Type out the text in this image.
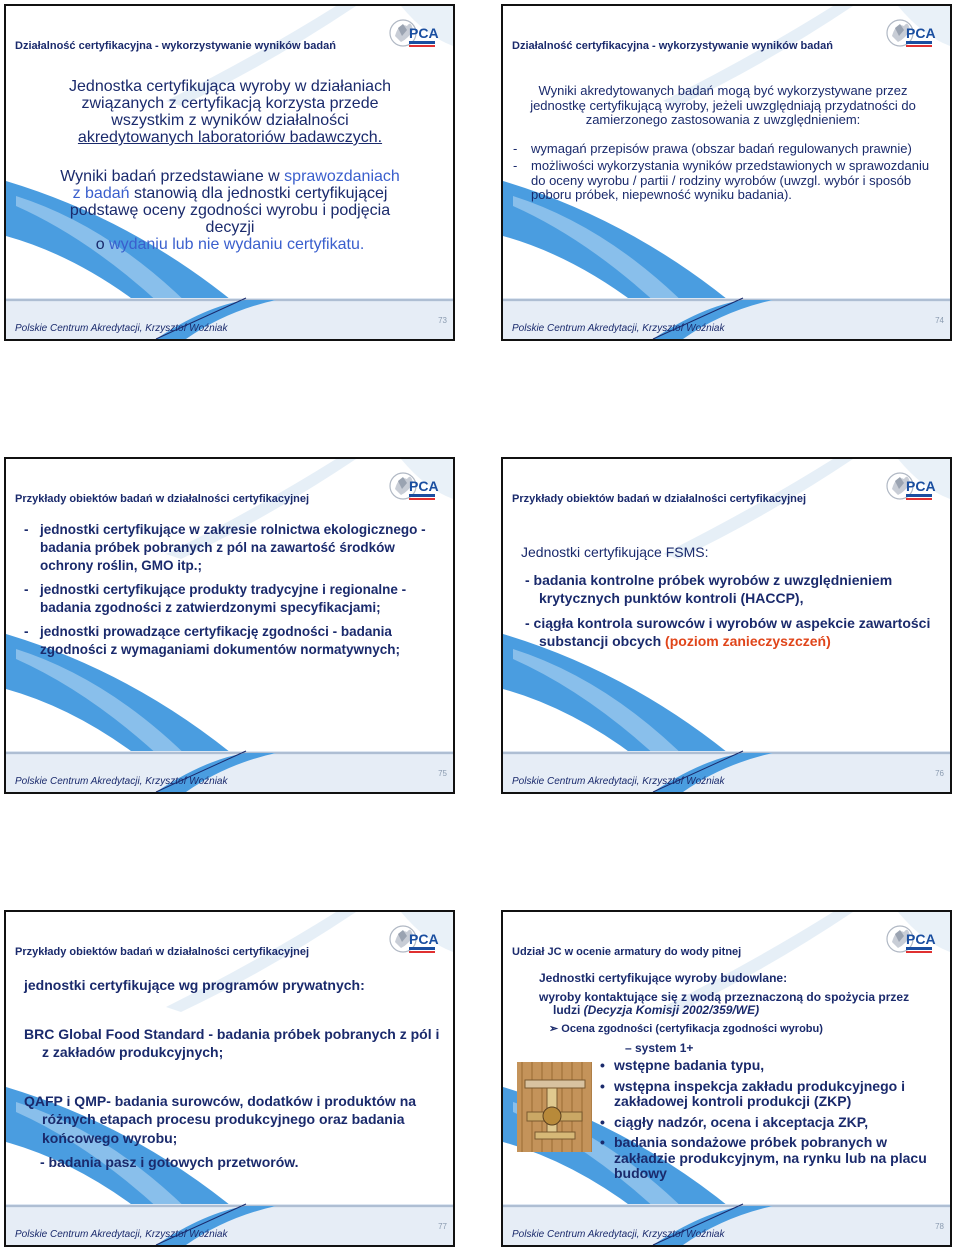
Działalność certyfikacyjna - wykorzystywanie wyników badań

Jednostka certyfikująca wyroby w działaniach

związanych z certyfikacją korzysta przede

wszystkim z wyników działalności

akredytowanych laboratoriów badawczych.

Wyniki badań przedstawiane w sprawozdaniach

z badań stanowią dla jednostki certyfikującej

podstawę oceny zgodności wyrobu i podjęcia

decyzji

o wydaniu lub nie wydaniu certyfikatu.

Polskie Centrum Akredytacji, Krzysztof Woźniak
73
Działalność certyfikacyjna - wykorzystywanie wyników badań

Wyniki akredytowanych badań mogą być wykorzystywane przez jednostkę certyfikującą wyroby, jeżeli uwzględniają przydatności do zamierzonego zastosowania z uwzględnieniem:

- wymagań przepisów prawa (obszar badań regulowanych prawnie)
- możliwości wykorzystania wyników przedstawionych w sprawozdaniu do oceny wyrobu / partii / rodziny wyrobów (uwzgl. wybór i sposób poboru próbek, niepewność wyniku badania).
Polskie Centrum Akredytacji, Krzysztof Woźniak
74
Przykłady obiektów badań w działalności certyfikacyjnej
- jednostki certyfikujące w zakresie rolnictwa ekologicznego - badania próbek pobranych z pól na zawartość środków ochrony roślin, GMO itp.;
- jednostki certyfikujące produkty tradycyjne i regionalne - badania zgodności z zatwierdzonymi specyfikacjami;
- jednostki prowadzące certyfikację zgodności - badania zgodności z wymaganiami dokumentów normatywnych;
Polskie Centrum Akredytacji, Krzysztof Woźniak
75
Przykłady obiektów badań w działalności certyfikacyjnej

Jednostki certyfikujące FSMS:

- badania kontrolne próbek wyrobów z uwzględnieniem krytycznych punktów kontroli (HACCP),

- ciągła kontrola surowców i wyrobów w aspekcie zawartości substancji obcych (poziom zanieczyszczeń)

Polskie Centrum Akredytacji, Krzysztof Woźniak
76
Przykłady obiektów badań w działalności certyfikacyjnej

jednostki certyfikujące wg programów prywatnych:

BRC Global Food Standard - badania próbek pobranych z pól i z zakładów produkcyjnych;

QAFP i QMP- badania surowców, dodatków i produktów na różnych etapach procesu produkcyjnego oraz badania końcowego wyrobu;

- badania pasz i gotowych przetworów.

Polskie Centrum Akredytacji, Krzysztof Woźniak
77
Udział JC w ocenie armatury do wody pitnej

Jednostki certyfikujące wyroby budowlane:

wyroby kontaktujące się z wodą przeznaczoną do spożycia przez ludzi (Decyzja Komisji 2002/359/WE)

➢ Ocena zgodności (certyfikacja zgodności wyrobu)

– system 1+

• wstępne badania typu,
• wstępna inspekcja zakładu produkcyjnego i zakładowej kontroli produkcji (ZKP)
• ciągły nadzór, ocena i akceptacja ZKP,
• badania sondażowe próbek pobranych w zakładzie produkcyjnym, na rynku lub na placu budowy
Polskie Centrum Akredytacji, Krzysztof Woźniak
78
